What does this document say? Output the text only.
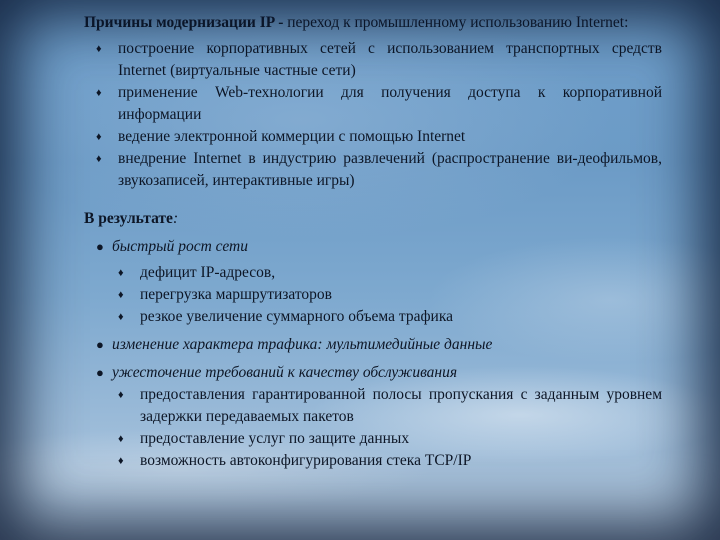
Причины модернизации IP - переход к промышленному использованию Internet:

♦ построение корпоративных сетей с использованием транспортных средств Internet (виртуальные частные сети)
♦ применение Web-технологии для получения доступа к корпоративной информации
♦ ведение электронной коммерции с помощью Internet
♦ внедрение Internet в индустрию развлечений (распространение ви-деофильмов, звукозаписей, интерактивные игры)

В результате:

● быстрый рост сети
♦ дефицит IP-адресов,
♦ перегрузка маршрутизаторов
♦ резкое увеличение суммарного объема трафика
● изменение характера трафика: мультимедийные данные
● ужесточение требований к качеству обслуживания
♦ предоставления гарантированной полосы пропускания с заданным уровнем задержки передаваемых пакетов
♦ предоставление услуг по защите данных
♦ возможность автоконфигурирования стека TCP/IP
